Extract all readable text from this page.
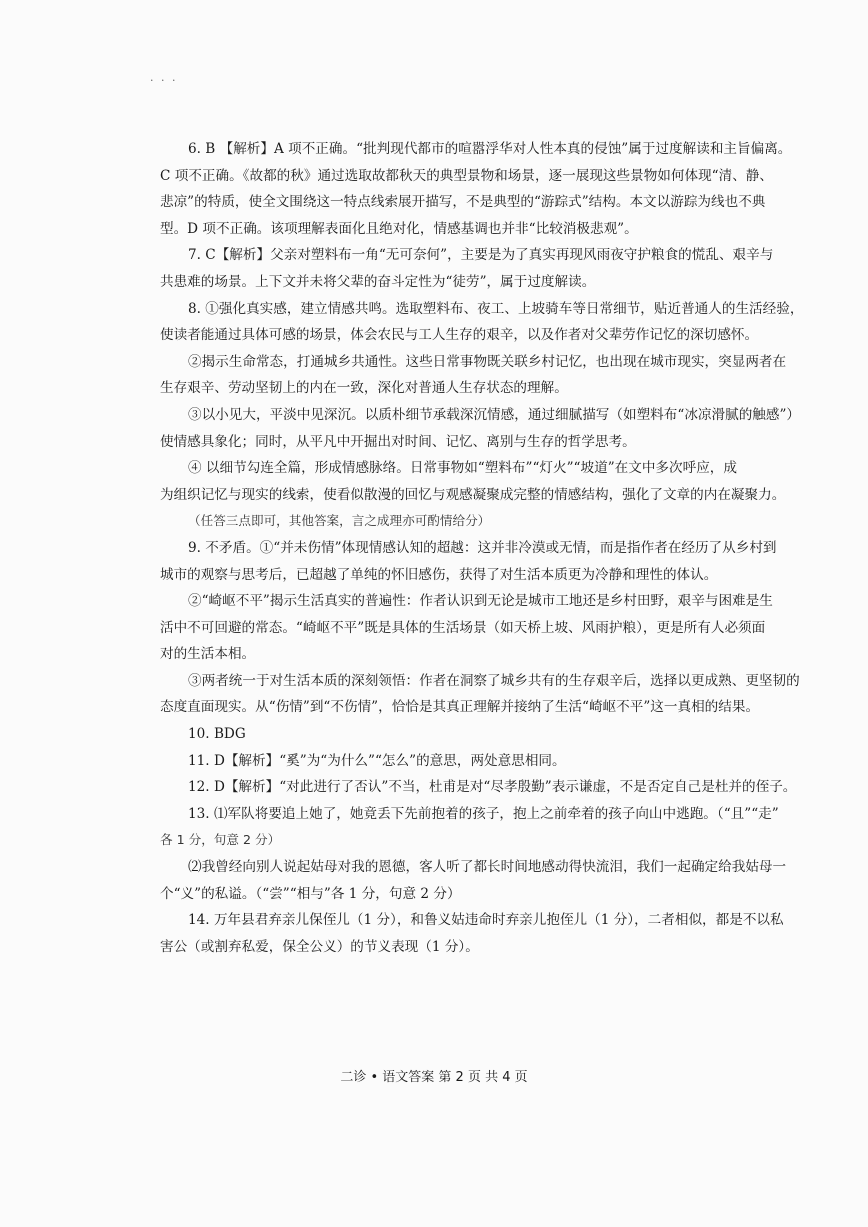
· · ·
6. B 【解析】A 项不正确。“批判现代都市的喧嚣浮华对人性本真的侵蚀”属于过度解读和主旨偏离。
C 项不正确。《故都的秋》通过选取故都秋天的典型景物和场景，逐一展现这些景物如何体现“清、静、
悲凉”的特质，使全文围绕这一特点线索展开描写，不是典型的“游踪式”结构。本文以游踪为线也不典
型。D 项不正确。该项理解表面化且绝对化，情感基调也并非“比较消极悲观”。
7. C【解析】父亲对塑料布一角“无可奈何”，主要是为了真实再现风雨夜守护粮食的慌乱、艰辛与
共患难的场景。上下文并未将父辈的奋斗定性为“徒劳”，属于过度解读。
8. ①强化真实感，建立情感共鸣。选取塑料布、夜工、上坡骑车等日常细节，贴近普通人的生活经验，
使读者能通过具体可感的场景，体会农民与工人生存的艰辛，以及作者对父辈劳作记忆的深切感怀。
②揭示生命常态，打通城乡共通性。这些日常事物既关联乡村记忆，也出现在城市现实，突显两者在
生存艰辛、劳动坚韧上的内在一致，深化对普通人生存状态的理解。
③以小见大，平淡中见深沉。以质朴细节承载深沉情感，通过细腻描写（如塑料布“冰凉滑腻的触感”）
使情感具象化；同时，从平凡中开掘出对时间、记忆、离别与生存的哲学思考。
④ 以细节勾连全篇，形成情感脉络。日常事物如“塑料布”“灯火”“坡道”在文中多次呼应，成
为组织记忆与现实的线索，使看似散漫的回忆与观感凝聚成完整的情感结构，强化了文章的内在凝聚力。
（任答三点即可，其他答案，言之成理亦可酌情给分）
9. 不矛盾。①“并未伤情”体现情感认知的超越：这并非冷漠或无情，而是指作者在经历了从乡村到
城市的观察与思考后，已超越了单纯的怀旧感伤，获得了对生活本质更为冷静和理性的体认。
②“崎岖不平”揭示生活真实的普遍性：作者认识到无论是城市工地还是乡村田野，艰辛与困难是生
活中不可回避的常态。“崎岖不平”既是具体的生活场景（如天桥上坡、风雨护粮），更是所有人必须面
对的生活本相。
③两者统一于对生活本质的深刻领悟：作者在洞察了城乡共有的生存艰辛后，选择以更成熟、更坚韧的
态度直面现实。从“伤情”到“不伤情”，恰恰是其真正理解并接纳了生活“崎岖不平”这一真相的结果。
10. BDG
11. D【解析】“奚”为“为什么”“怎么”的意思，两处意思相同。
12. D【解析】“对此进行了否认”不当，杜甫是对“尽孝殷勤”表示谦虚，不是否定自己是杜并的侄子。
13. ⑴军队将要追上她了，她竟丢下先前抱着的孩子，抱上之前牵着的孩子向山中逃跑。（“且”“走”
各 1 分，句意 2 分）
⑵我曾经向别人说起姑母对我的恩德，客人听了都长时间地感动得快流泪，我们一起确定给我姑母一
个“义”的私谥。（“尝”“相与”各 1 分，句意 2 分）
14. 万年县君弃亲儿保侄儿（1 分），和鲁义姑违命时弃亲儿抱侄儿（1 分），二者相似，都是不以私
害公（或割弃私爱，保全公义）的节义表现（1 分）。
二诊 • 语文答案 第 2 页 共 4 页
